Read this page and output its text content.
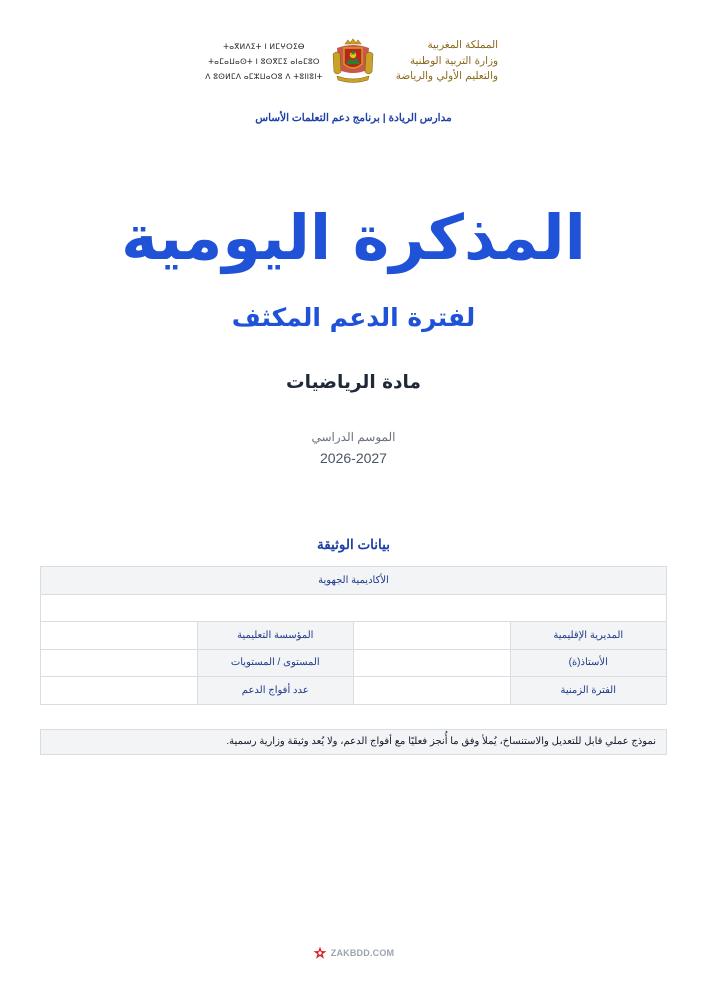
ⵜⴰⴳⵍⴷⵉⵜ ⵏ ⵍⵎⵖⵔⵉⴱ
ⵜⴰⵎⴰⵡⴰⵙⵜ ⵏ ⵓⵙⴳⵎⵉ ⴰⵏⴰⵎⵓⵔ
ⴷ ⵓⵙⵍⵎⴷ ⴰⵎⵣⵡⴰⵔⵓ ⴷ ⵜⵓⵏⵏⵓⵏⵜ
المملكة المغربية
وزارة التربية الوطنية
والتعليم الأولي والرياضة
مدارس الريادة | برنامج دعم التعلمات الأساس
المذكرة اليومية
لفترة الدعم المكثف
مادة الرياضيات
الموسم الدراسي
2026-2027
بيانات الوثيقة
الأكاديمية الجهوية			

المديرية الإقليمية		المؤسسة التعليمية	
الأستاذ(ة)		المستوى / المستويات	
الفترة الزمنية		عدد أفواج الدعم	
نموذج عملي قابل للتعديل والاستنساخ، يُملأ وفق ما أُنجز فعليًا مع أفواج الدعم، ولا يُعد وثيقة وزارية رسمية.
ZAKBDD.COM
